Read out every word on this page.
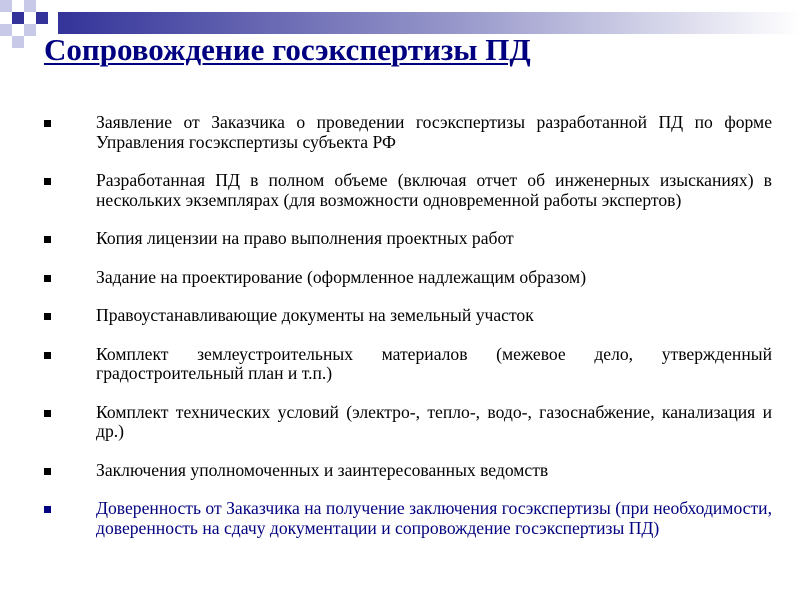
Сопровождение госэкспертизы ПД
Заявление от Заказчика о проведении госэкспертизы разработанной ПД по форме Управления госэкспертизы субъекта РФ
Разработанная ПД в полном объеме (включая отчет об инженерных изысканиях) в нескольких экземплярах (для возможности одновременной работы экспертов)
Копия лицензии на право выполнения проектных работ
Задание на проектирование (оформленное надлежащим образом)
Правоустанавливающие документы на земельный участок
Комплект землеустроительных материалов (межевое дело, утвержденный градостроительный план и т.п.)
Комплект технических условий (электро-, тепло-, водо-, газоснабжение, канализация и др.)
Заключения уполномоченных и заинтересованных ведомств
Доверенность от Заказчика на получение заключения госэкспертизы (при необходимости, доверенность на сдачу документации и сопровождение госэкспертизы ПД)
